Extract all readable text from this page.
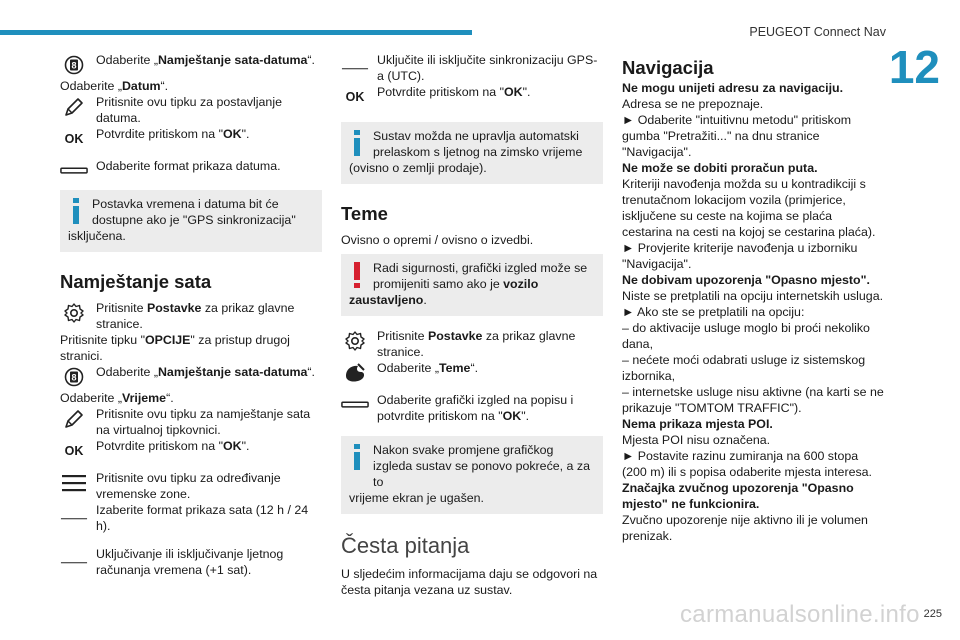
PEUGEOT Connect Nav
12
8 Odaberite „Namještanje sata-datuma“.

Odaberite „Datum“.

Pritisnite ovu tipku za postavljanje datuma.

OK	Potvrdite pritiskom na "OK".

Odaberite format prikaza datuma.

Postavka vremena i datuma bit će dostupne ako je "GPS sinkronizacija"

isključena.

Namještanje sata

Pritisnite Postavke za prikaz glavne stranice.

Pritisnite tipku "OPCIJE" za pristup drugoj stranici.

8 Odaberite „Namještanje sata-datuma“.

Odaberite „Vrijeme“.

Pritisnite ovu tipku za namještanje sata na virtualnoj tipkovnici.

OK	Potvrdite pritiskom na "OK".

Pritisnite ovu tipku za određivanje vremenske zone.

Izaberite format prikaza sata (12 h / 24 h).

Uključivanje ili isključivanje ljetnog računanja vremena (+1 sat).

Uključite ili isključite sinkronizaciju GPS-a (UTC).

OK	Potvrdite pritiskom na "OK".

Sustav možda ne upravlja automatski prelaskom s ljetnog na zimsko vrijeme

(ovisno o zemlji prodaje).

Teme

Ovisno o opremi / ovisno o izvedbi.

Radi sigurnosti, grafički izgled može se promijeniti samo ako je vozilo

zaustavljeno.

Pritisnite Postavke za prikaz glavne stranice.

Odaberite „Teme“.

Odaberite grafički izgled na popisu i potvrdite pritiskom na "OK".

Nakon svake promjene grafičkog izgleda sustav se ponovo pokreće, a za to

vrijeme ekran je ugašen.

Česta pitanja

U sljedećim informacijama daju se odgovori na česta pitanja vezana uz sustav.

Navigacija

Ne mogu unijeti adresu za navigaciju.

Adresa se ne prepoznaje.

► Odaberite "intuitivnu metodu" pritiskom gumba "Pretražiti..." na dnu stranice "Navigacija".

Ne može se dobiti proračun puta.

Kriteriji navođenja možda su u kontradikciji s trenutačnom lokacijom vozila (primjerice, isključene su ceste na kojima se plaća cestarina na cesti na kojoj se cestarina plaća).

► Provjerite kriterije navođenja u izborniku "Navigacija".

Ne dobivam upozorenja "Opasno mjesto".

Niste se pretplatili na opciju internetskih usluga.

► Ako ste se pretplatili na opciju:

– do aktivacije usluge moglo bi proći nekoliko dana,

– nećete moći odabrati usluge iz sistemskog izbornika,

– internetske usluge nisu aktivne (na karti se ne prikazuje "TOMTOM TRAFFIC").

Nema prikaza mjesta POI.

Mjesta POI nisu označena.

► Postavite razinu zumiranja na 600 stopa (200 m) ili s popisa odaberite mjesta interesa.

Značajka zvučnog upozorenja "Opasno mjesto" ne funkcionira.

Zvučno upozorenje nije aktivno ili je volumen prenizak.

carmanualsonline.info 225
